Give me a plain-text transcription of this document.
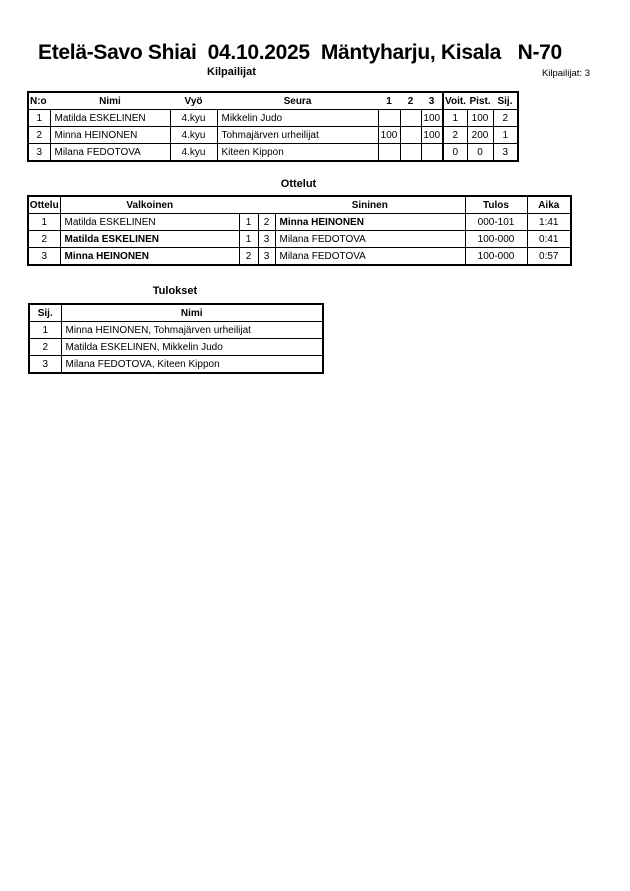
Etelä-Savo Shiai  04.10.2025  Mäntyharju, Kisala   N-70
Kilpailijat	Kilpailijat: 3
N:o	Nimi	Vyö	Seura	1	2	3	Voit.	Pist.	Sij.
1	Matilda ESKELINEN	4.kyu	Mikkelin Judo			100	1	100	2
2	Minna HEINONEN	4.kyu	Tohmajärven urheilijat	100		100	2	200	1
3	Milana FEDOTOVA	4.kyu	Kiteen Kippon				0	0	3
Ottelut
Ottelu	Valkoinen			Sininen	Tulos	Aika
1	Matilda ESKELINEN	1	2	Minna HEINONEN	000-101	1:41
2	Matilda ESKELINEN	1	3	Milana FEDOTOVA	100-000	0:41
3	Minna HEINONEN	2	3	Milana FEDOTOVA	100-000	0:57
Tulokset
Sij.	Nimi
1	Minna HEINONEN, Tohmajärven urheilijat
2	Matilda ESKELINEN, Mikkelin Judo
3	Milana FEDOTOVA, Kiteen Kippon
